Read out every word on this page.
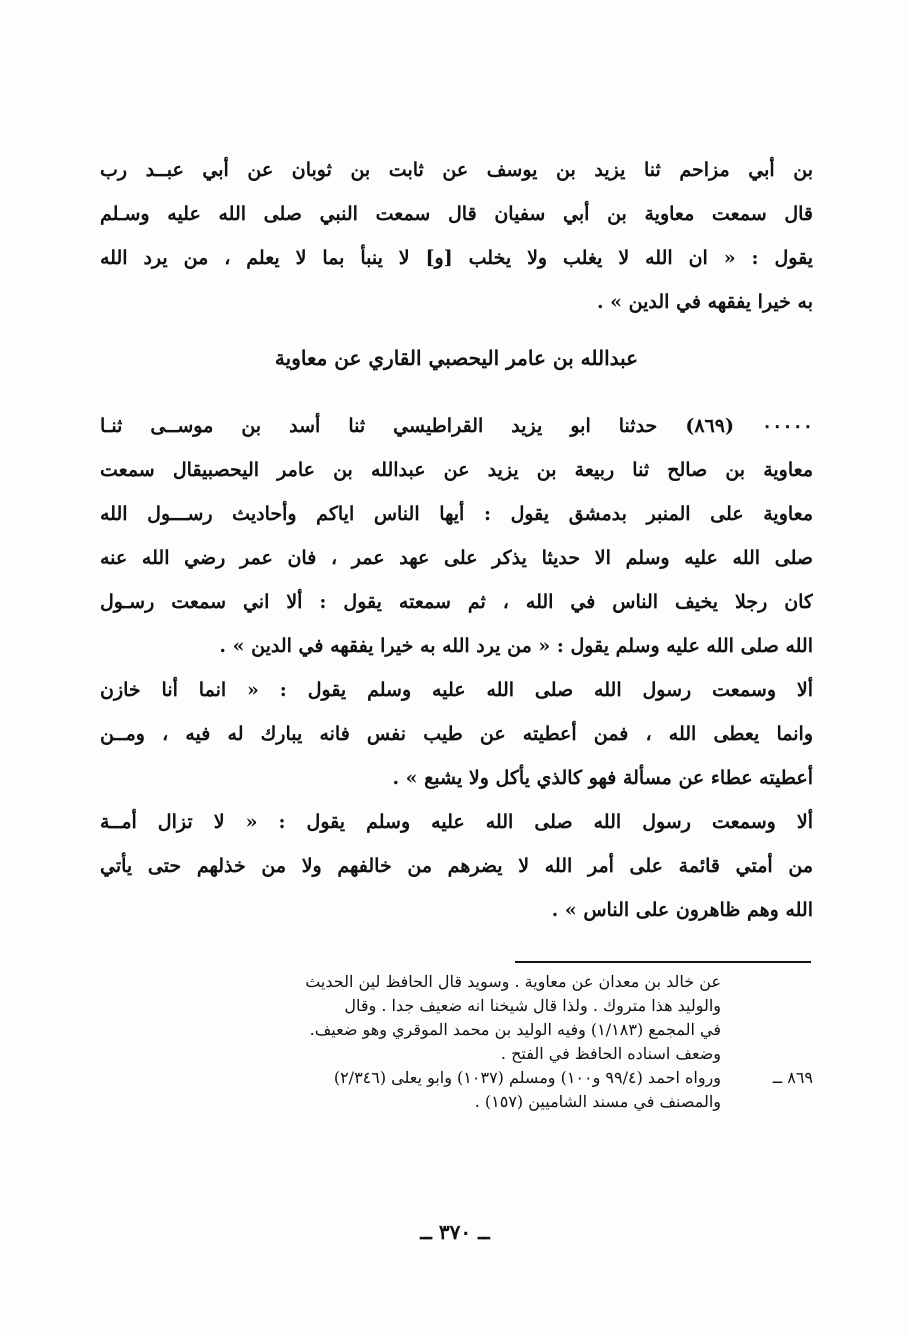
بن أبي مزاحم ثنا يزيد بن يوسف عن ثابت بن ثوبان عن أبي عبــد رب
قال سمعت معاوية بن أبي سفيان قال سمعت النبي صلى الله عليه وسـلم
يقول : « ان الله لا يغلب ولا يخلب [و] لا ينبأ بما لا يعلم ، من يرد الله
به خيرا يفقهه في الدين » .
عبدالله بن عامر اليحصبي القاري عن معاوية
٠٠٠٠٠ (٨٦٩) حدثنا ابو يزيد القراطيسي ثنا أسد بن موســى ثنـا
معاوية بن صالح ثنا ربيعة بن يزيد عن عبدالله بن عامر اليحصبيقال سمعت
معاوية على المنبر بدمشق يقول : أيها الناس اياكم وأحاديث رســـول الله
صلى الله عليه وسلم الا حديثا يذكر على عهد عمر ، فان عمر رضي الله عنه
كان رجلا يخيف الناس في الله ، ثم سمعته يقول : ألا اني سمعت رسـول
الله صلى الله عليه وسلم يقول : « من يرد الله به خيرا يفقهه في الدين » .
ألا وسمعت رسول الله صلى الله عليه وسلم يقول : « انما أنا خازن
وانما يعطى الله ، فمن أعطيته عن طيب نفس فانه يبارك له فيه ، ومــن
أعطيته عطاء عن مسألة فهو كالذي يأكل ولا يشبع » .
ألا وسمعت رسول الله صلى الله عليه وسلم يقول : « لا تزال أمــة
من أمتي قائمة على أمر الله لا يضرهم من خالفهم ولا من خذلهم حتى يأتي
الله وهم ظاهرون على الناس » .
عن خالد بن معدان عن معاوية . وسويد قال الحافظ لين الحديث
والوليد هذا متروك . ولذا قال شيخنا انه ضعيف جدا . وقال
في المجمع (١/١٨٣) وفيه الوليد بن محمد الموقري وهو ضعيف.
وضعف اسناده الحافظ في الفتح .
٨٦٩ ــ
ورواه احمد (٩٩/٤ و١٠٠) ومسلم (١٠٣٧) وابو يعلى (٢/٣٤٦)
والمصنف في مسند الشاميين (١٥٧) .
ــ ٣٧٠ ــ
